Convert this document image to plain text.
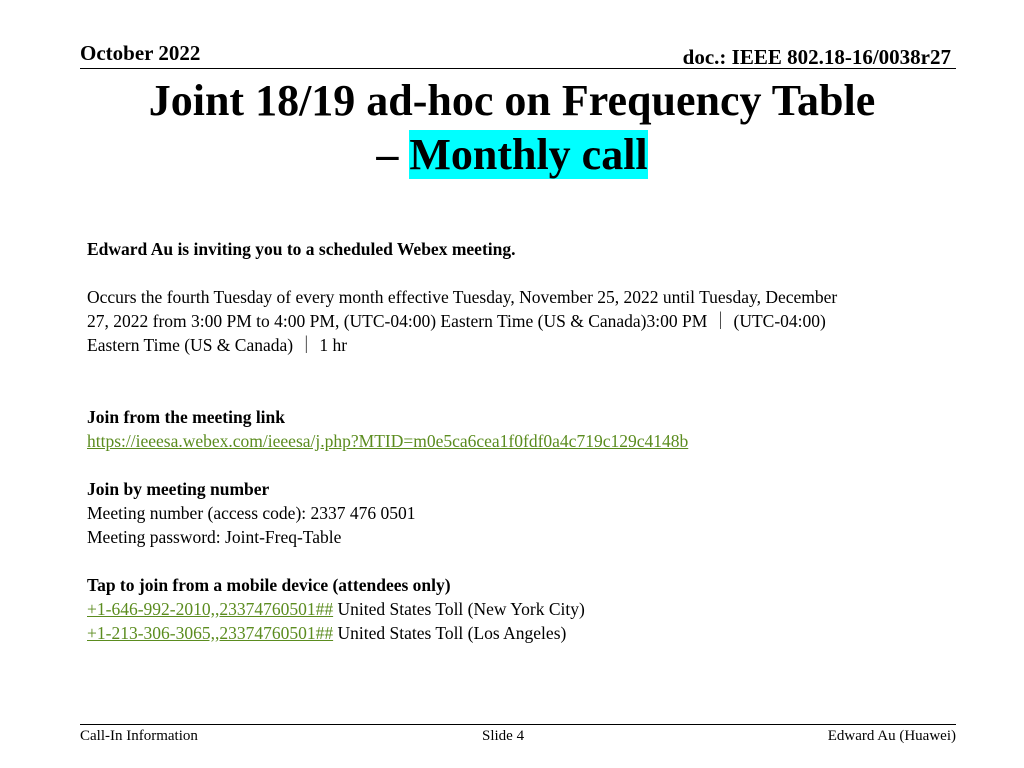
October 2022	doc.: IEEE 802.18-16/0038r27
Joint 18/19 ad-hoc on Frequency Table
– Monthly call

Edward Au is inviting you to a scheduled Webex meeting.

Occurs the fourth Tuesday of every month effective Tuesday, November 25, 2022 until Tuesday, December

27, 2022 from 3:00 PM to 4:00 PM, (UTC-04:00) Eastern Time (US & Canada)3:00 PM ｜ (UTC-04:00)

Eastern Time (US & Canada) ｜ 1 hr

Join from the meeting link

https://ieeesa.webex.com/ieeesa/j.php?MTID=m0e5ca6cea1f0fdf0a4c719c129c4148b

Join by meeting number

Meeting number (access code): 2337 476 0501

Meeting password: Joint-Freq-Table

Tap to join from a mobile device (attendees only)

+1-646-992-2010,,23374760501## United States Toll (New York City)

+1-213-306-3065,,23374760501## United States Toll (Los Angeles)

Call-In Information	Slide 4	Edward Au (Huawei)
